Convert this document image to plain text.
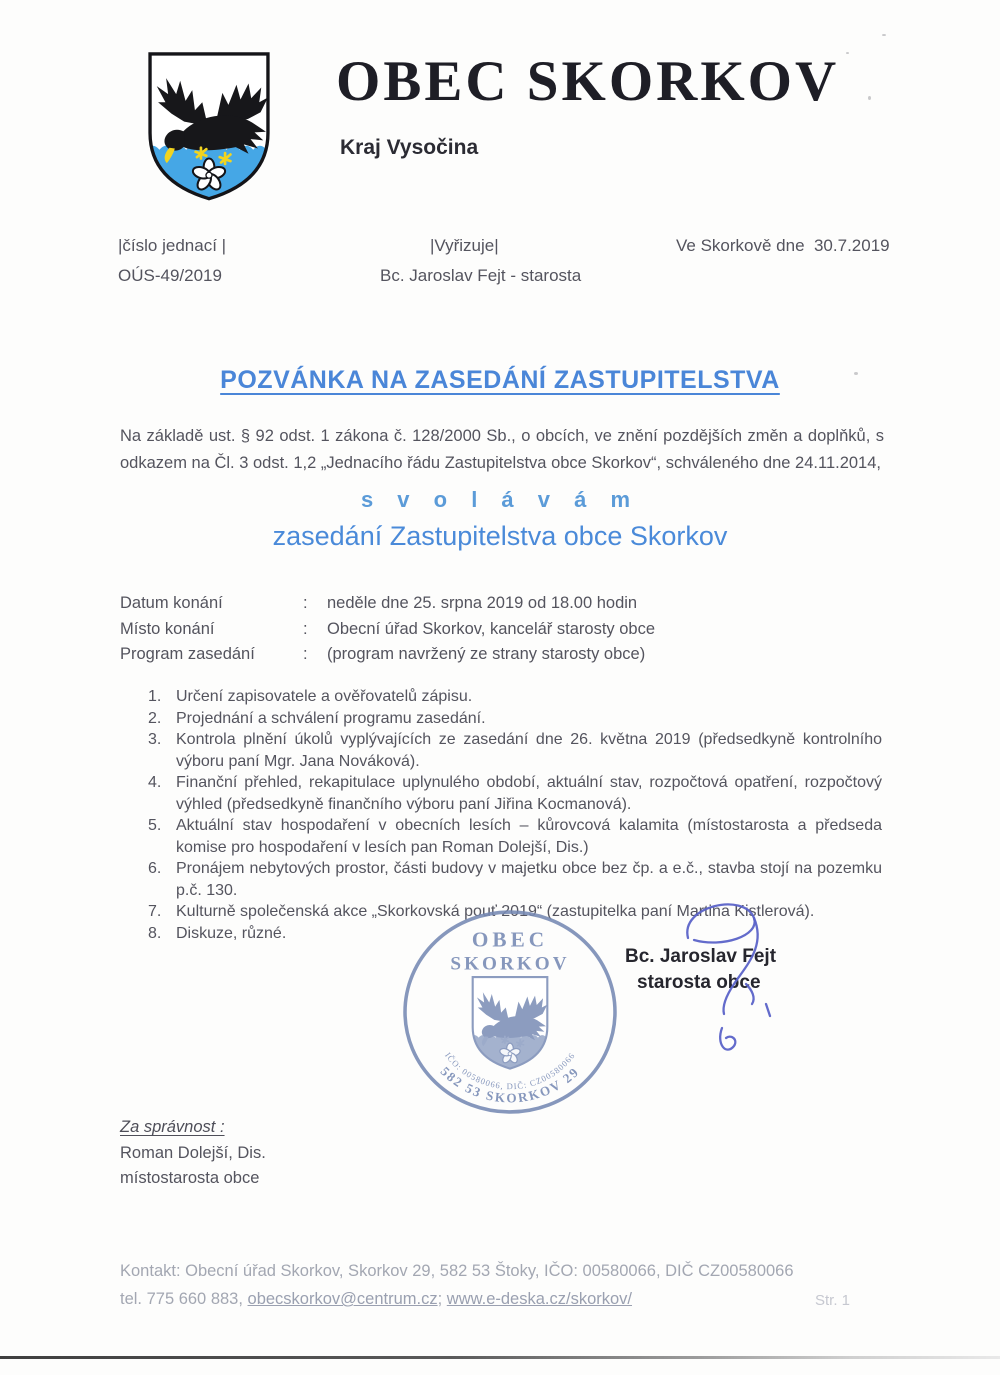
OBEC SKORKOV
Kraj Vysočina
|číslo jednací |	|Vyřizuje|	Ve Skorkově dne  30.7.2019
OÚS-49/2019	Bc. Jaroslav Fejt - starosta
POZVÁNKA NA ZASEDÁNÍ ZASTUPITELSTVA
Na základě ust. § 92 odst. 1 zákona č. 128/2000 Sb., o obcích, ve znění pozdějších změn a doplňků, s odkazem na Čl. 3 odst. 1,2 „Jednacího řádu Zastupitelstva obce Skorkov“, schváleného dne 24.11.2014,
s v o l á v á m
zasedání Zastupitelstva obce Skorkov
Datum konání	:	neděle dne 25. srpna 2019 od 18.00 hodin
Místo konání	:	Obecní úřad Skorkov, kancelář starosty obce
Program zasedání	:	(program navržený ze strany starosty obce)
Určení zapisovatele a ověřovatelů zápisu.
Projednání a schválení programu zasedání.
Kontrola plnění úkolů vyplývajících ze zasedání dne 26. května 2019 (předsedkyně kontrolního výboru paní Mgr. Jana Nováková).
Finanční přehled, rekapitulace uplynulého období, aktuální stav, rozpočtová opatření, rozpočtový výhled (předsedkyně finančního výboru paní Jiřina Kocmanová).
Aktuální stav hospodaření v obecních lesích – kůrovcová kalamita (místostarosta a předseda komise pro hospodaření v lesích pan Roman Dolejší, Dis.)
Pronájem nebytových prostor, části budovy v majetku obce bez čp. a e.č., stavba stojí na pozemku p.č. 130.
Kulturně společenská akce „Skorkovská pouť 2019“ (zastupitelka paní Martina Kistlerová).
Diskuze, různé.	OBEC
SKORKOV
582 53 SKORKOV 29
IČO: 00580066, DIČ: CZ00580066
Bc. Jaroslav Fejt
starosta obce
Za správnost :
Roman Dolejší, Dis.
místostarosta obce
Kontakt: Obecní úřad Skorkov, Skorkov 29, 582 53 Štoky, IČO: 00580066, DIČ CZ00580066
tel. 775 660 883, obecskorkov@centrum.cz; www.e-deska.cz/skorkov/	Str. 1
